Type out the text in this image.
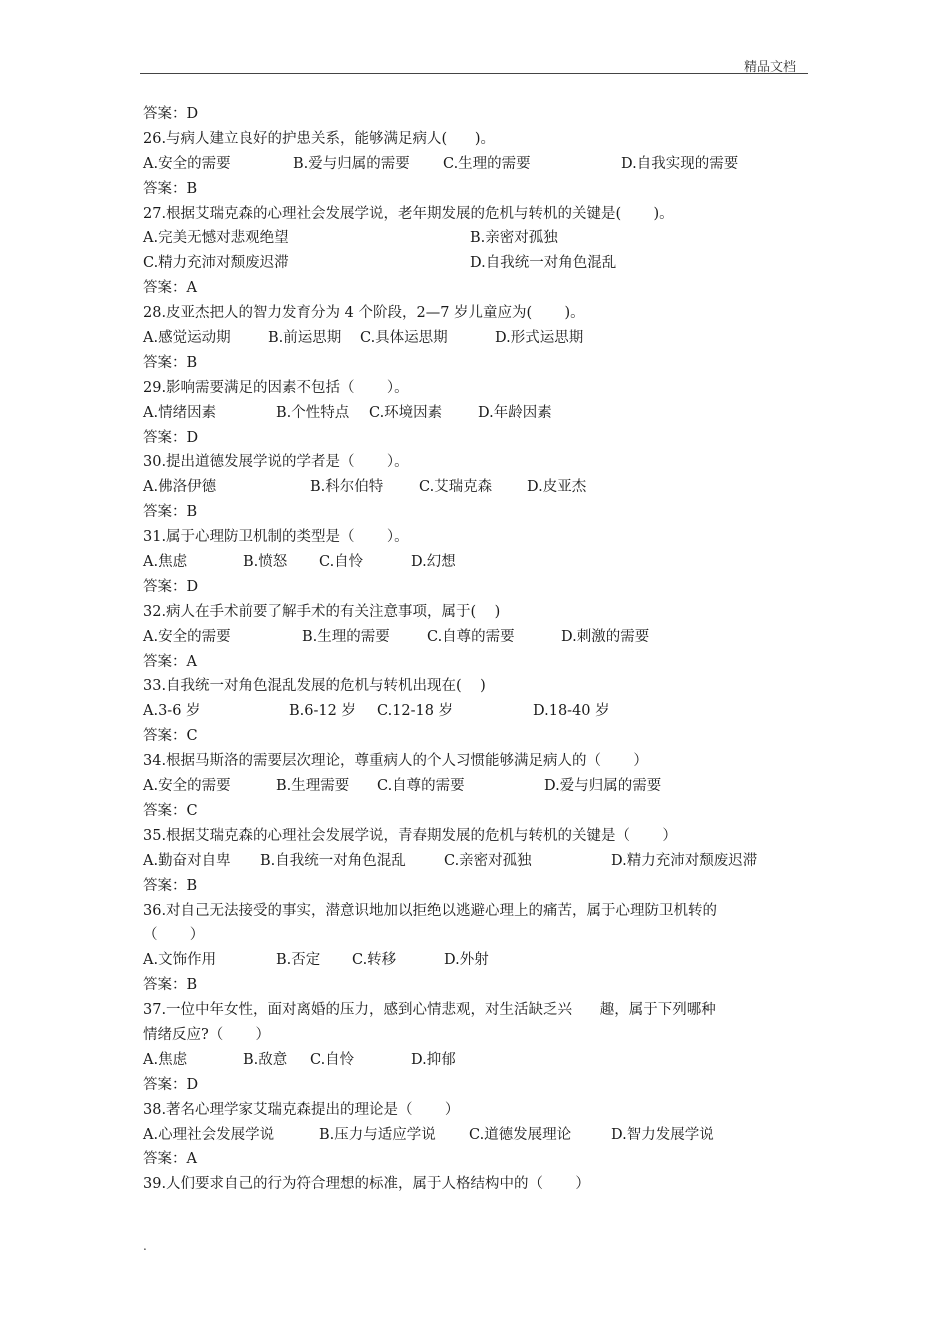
精品文档
答案：D
26.与病人建立良好的护患关系，能够满足病人(      )。
A.安全的需要	B.爱与归属的需要 C.生理的需要	D.自我实现的需要
答案：B
27.根据艾瑞克森的心理社会发展学说，老年期发展的危机与转机的关键是(       )。
A.完美无憾对悲观绝望	B.亲密对孤独
C.精力充沛对颓废迟滞	D.自我统一对角色混乱
答案：A
28.皮亚杰把人的智力发育分为 4 个阶段，2—7 岁儿童应为(       )。
A.感觉运动期	B.前运思期 C.具体运思期	D.形式运思期
答案：B
29.影响需要满足的因素不包括（       ）。
A.情绪因素	B.个性特点 C.环境因素 D.年龄因素
答案：D
30.提出道德发展学说的学者是（       ）。
A.佛洛伊德	B.科尔伯特 C.艾瑞克森 D.皮亚杰
答案：B
31.属于心理防卫机制的类型是（       ）。
A.焦虑	B.愤怒 C.自怜	D.幻想
答案：D
32.病人在手术前要了解手术的有关注意事项，属于(    )
A.安全的需要	B.生理的需要	C.自尊的需要	D.刺激的需要
答案：A
33.自我统一对角色混乱发展的危机与转机出现在(    )
A.3-6 岁	B.6-12 岁 C.12-18 岁	D.18-40 岁
答案：C
34.根据马斯洛的需要层次理论，尊重病人的个人习惯能够满足病人的（       ）
A.安全的需要	B.生理需要 C.自尊的需要	D.爱与归属的需要
答案：C
35.根据艾瑞克森的心理社会发展学说，青春期发展的危机与转机的关键是（       ）
A.勤奋对自卑 B.自我统一对角色混乱	C.亲密对孤独	D.精力充沛对颓废迟滞
答案：B
36.对自己无法接受的事实，潜意识地加以拒绝以逃避心理上的痛苦，属于心理防卫机转的
（       ）
A.文饰作用	B.否定 C.转移	D.外射
答案：B
37.一位中年女性，面对离婚的压力，感到心情悲观，对生活缺乏兴      趣，属于下列哪种
情绪反应?（       ）
A.焦虑	B.敌意 C.自怜	D.抑郁
答案：D
38.著名心理学家艾瑞克森提出的理论是（       ）
A.心理社会发展学说	B.压力与适应学说 C.道德发展理论	D.智力发展学说
答案：A
39.人们要求自己的行为符合理想的标准，属于人格结构中的（       ）
.
